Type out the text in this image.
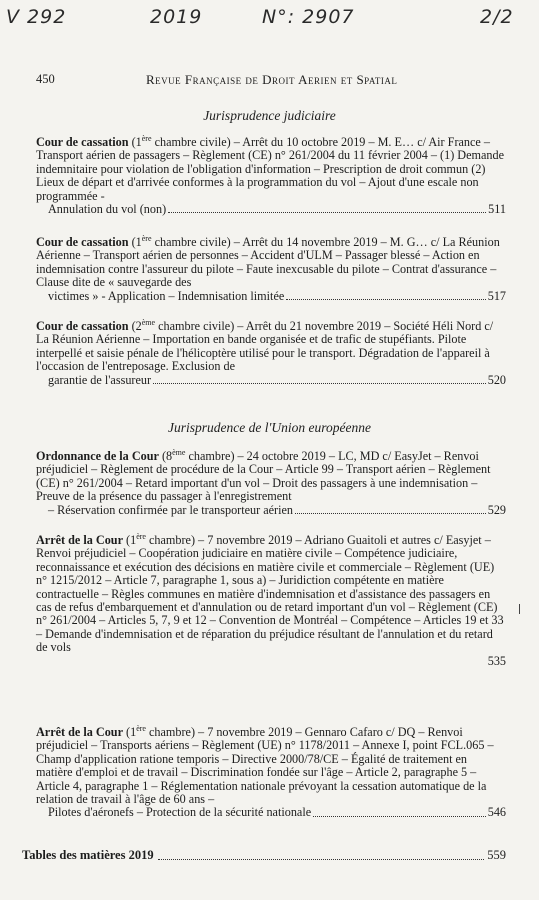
V 292	2019	N°: 2907	2/2
450	Revue Française de Droit Aerien et Spatial
Jurisprudence judiciaire
Cour de cassation (1ère chambre civile) – Arrêt du 10 octobre 2019 – M. E… c/ Air France – Transport aérien de passagers – Règlement (CE) n° 261/2004 du 11 février 2004 – (1) Demande indemnitaire pour violation de l'obligation d'information – Prescription de droit commun (2) Lieux de départ et d'arrivée conformes à la programmation du vol – Ajout d'une escale non programmée -
Annulation du vol (non)	511
Cour de cassation (1ère chambre civile) – Arrêt du 14 novembre 2019 – M. G… c/ La Réunion Aérienne – Transport aérien de personnes – Accident d'ULM – Passager blessé – Action en indemnisation contre l'assureur du pilote – Faute inexcusable du pilote – Contrat d'assurance – Clause dite de « sauvegarde des
victimes » - Application – Indemnisation limitée	517
Cour de cassation (2ème chambre civile) – Arrêt du 21 novembre 2019 – Société Héli Nord c/ La Réunion Aérienne – Importation en bande organisée et de trafic de stupéfiants. Pilote interpellé et saisie pénale de l'hélicoptère utilisé pour le transport. Dégradation de l'appareil à l'occasion de l'entreposage. Exclusion de
garantie de l'assureur	520
Jurisprudence de l'Union européenne
Ordonnance de la Cour (8ème chambre) – 24 octobre 2019 – LC, MD c/ EasyJet – Renvoi préjudiciel – Règlement de procédure de la Cour – Article 99 – Transport aérien – Règlement (CE) n° 261/2004 – Retard important d'un vol – Droit des passagers à une indemnisation – Preuve de la présence du passager à l'enregistrement
– Réservation confirmée par le transporteur aérien	529
Arrêt de la Cour (1ère chambre) – 7 novembre 2019 – Adriano Guaitoli et autres c/ Easyjet – Renvoi préjudiciel – Coopération judiciaire en matière civile – Compétence judiciaire, reconnaissance et exécution des décisions en matière civile et commerciale – Règlement (UE) n° 1215/2012 – Article 7, paragraphe 1, sous a) – Juridiction compétente en matière contractuelle – Règles communes en matière d'indemnisation et d'assistance des passagers en cas de refus d'embarquement et d'annulation ou de retard important d'un vol – Règlement (CE) n° 261/2004 – Articles 5, 7, 9 et 12 – Convention de Montréal – Compétence – Articles 19 et 33 – Demande d'indemnisation et de réparation du préjudice résultant de l'annulation et du retard de vols
535
Arrêt de la Cour (1ère chambre) – 7 novembre 2019 – Gennaro Cafaro c/ DQ – Renvoi préjudiciel – Transports aériens – Règlement (UE) n° 1178/2011 – Annexe I, point FCL.065 – Champ d'application ratione temporis – Directive 2000/78/CE – Égalité de traitement en matière d'emploi et de travail – Discrimination fondée sur l'âge – Article 2, paragraphe 5 – Article 4, paragraphe 1 – Réglementation nationale prévoyant la cessation automatique de la relation de travail à l'âge de 60 ans –
Pilotes d'aéronefs – Protection de la sécurité nationale	546
Tables des matières 2019	559
